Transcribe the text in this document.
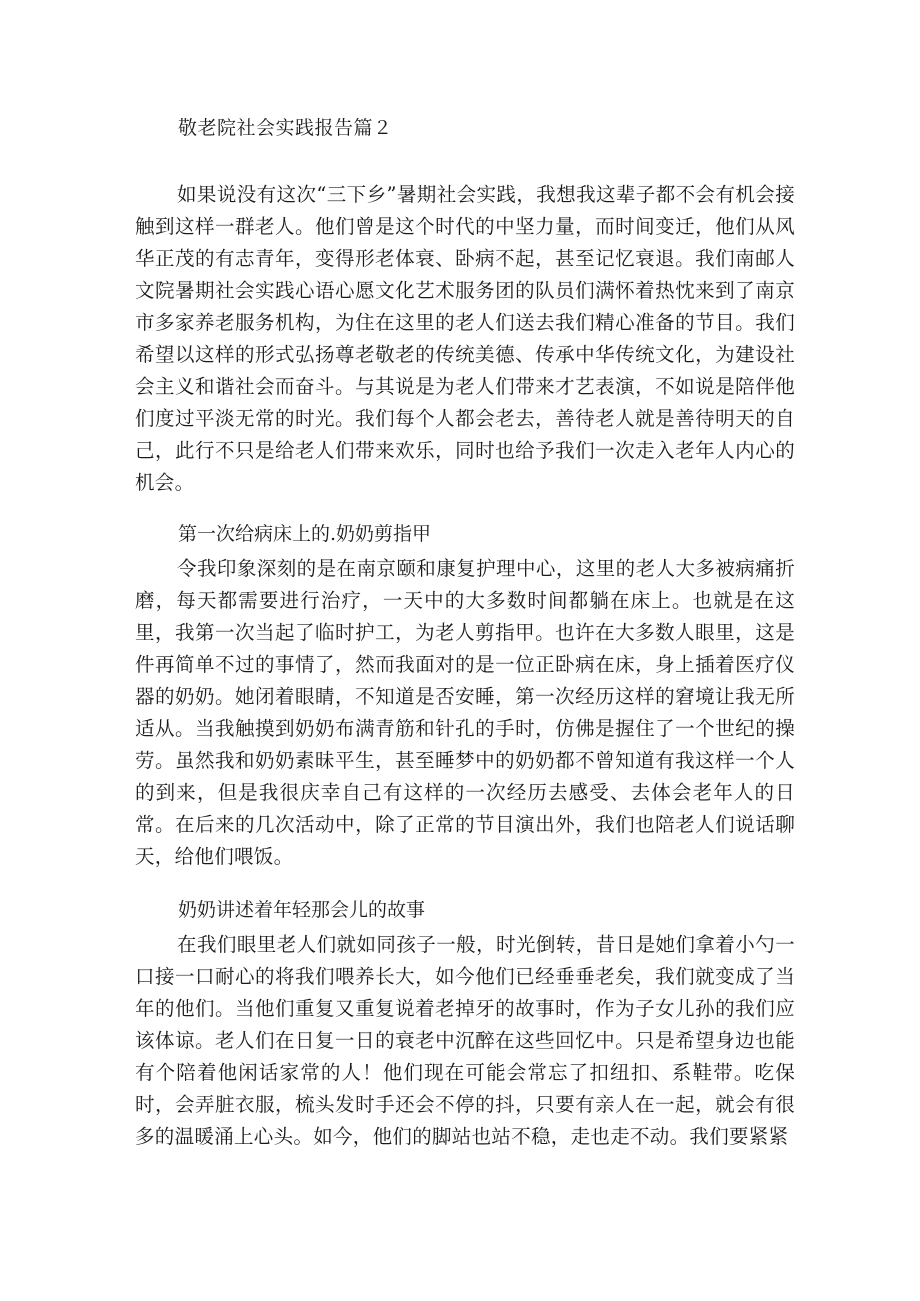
敬老院社会实践报告篇２

如果说没有这次“三下乡”暑期社会实践，我想我这辈子都不会有机会接触到这样一群老人。他们曾是这个时代的中坚力量，而时间变迁，他们从风华正茂的有志青年，变得形老体衰、卧病不起，甚至记忆衰退。我们南邮人文院暑期社会实践心语心愿文化艺术服务团的队员们满怀着热忱来到了南京市多家养老服务机构，为住在这里的老人们送去我们精心准备的节目。我们希望以这样的形式弘扬尊老敬老的传统美德、传承中华传统文化，为建设社会主义和谐社会而奋斗。与其说是为老人们带来才艺表演，不如说是陪伴他们度过平淡无常的时光。我们每个人都会老去，善待老人就是善待明天的自己，此行不只是给老人们带来欢乐，同时也给予我们一次走入老年人内心的机会。

第一次给病床上的.奶奶剪指甲

令我印象深刻的是在南京颐和康复护理中心，这里的老人大多被病痛折磨，每天都需要进行治疗，一天中的大多数时间都躺在床上。也就是在这里，我第一次当起了临时护工，为老人剪指甲。也许在大多数人眼里，这是件再简单不过的事情了，然而我面对的是一位正卧病在床，身上插着医疗仪器的奶奶。她闭着眼睛，不知道是否安睡，第一次经历这样的窘境让我无所适从。当我触摸到奶奶布满青筋和针孔的手时，仿佛是握住了一个世纪的操劳。虽然我和奶奶素昧平生，甚至睡梦中的奶奶都不曾知道有我这样一个人的到来，但是我很庆幸自己有这样的一次经历去感受、去体会老年人的日常。在后来的几次活动中，除了正常的节目演出外，我们也陪老人们说话聊天，给他们喂饭。

奶奶讲述着年轻那会儿的故事

在我们眼里老人们就如同孩子一般，时光倒转，昔日是她们拿着小勺一口接一口耐心的将我们喂养长大，如今他们已经垂垂老矣，我们就变成了当年的他们。当他们重复又重复说着老掉牙的故事时，作为子女儿孙的我们应该体谅。老人们在日复一日的衰老中沉醉在这些回忆中。只是希望身边也能有个陪着他闲话家常的人！他们现在可能会常忘了扣纽扣、系鞋带。吃保时，会弄脏衣服，梳头发时手还会不停的抖，只要有亲人在一起，就会有很多的温暖涌上心头。如今，他们的脚站也站不稳，走也走不动。我们要紧紧
